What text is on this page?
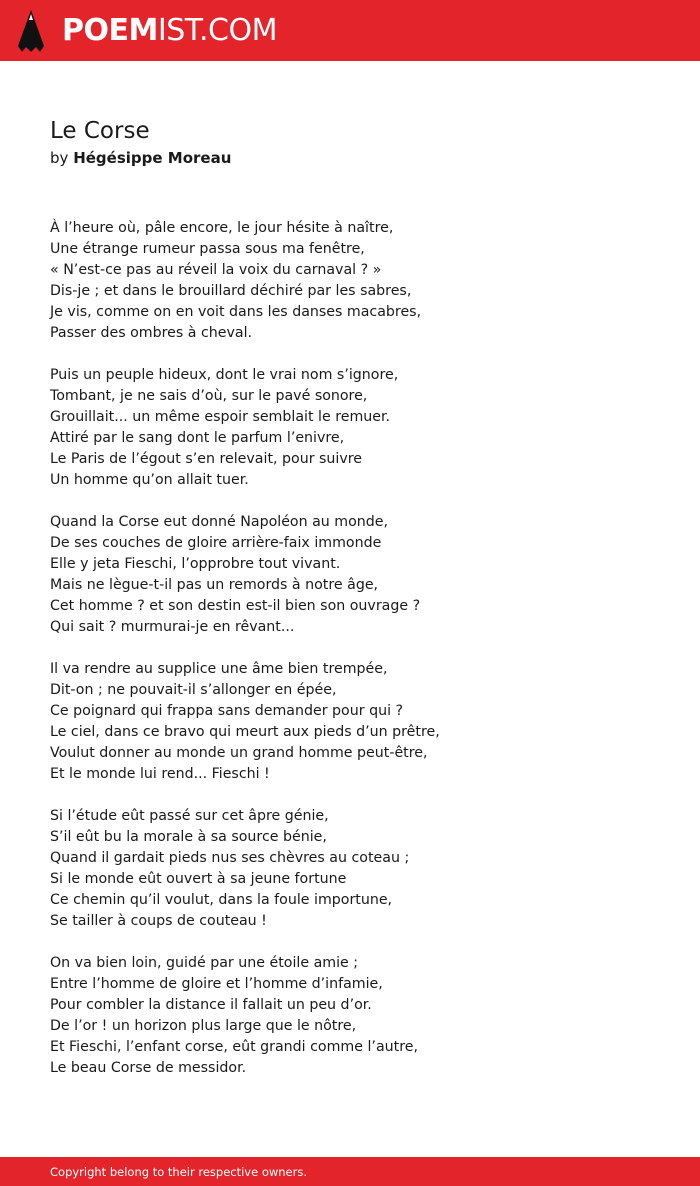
POEMIST.COM
Le Corse
by Hégésippe Moreau
À l’heure où, pâle encore, le jour hésite à naître,
Une étrange rumeur passa sous ma fenêtre,
« N’est-ce pas au réveil la voix du carnaval ? »
Dis-je ; et dans le brouillard déchiré par les sabres,
Je vis, comme on en voit dans les danses macabres,
Passer des ombres à cheval.
Puis un peuple hideux, dont le vrai nom s’ignore,
Tombant, je ne sais d’où, sur le pavé sonore,
Grouillait... un même espoir semblait le remuer.
Attiré par le sang dont le parfum l’enivre,
Le Paris de l’égout s’en relevait, pour suivre
Un homme qu’on allait tuer.
Quand la Corse eut donné Napoléon au monde,
De ses couches de gloire arrière-faix immonde
Elle y jeta Fieschi, l’opprobre tout vivant.
Mais ne lègue-t-il pas un remords à notre âge,
Cet homme ? et son destin est-il bien son ouvrage ?
Qui sait ? murmurai-je en rêvant...
Il va rendre au supplice une âme bien trempée,
Dit-on ; ne pouvait-il s’allonger en épée,
Ce poignard qui frappa sans demander pour qui ?
Le ciel, dans ce bravo qui meurt aux pieds d’un prêtre,
Voulut donner au monde un grand homme peut-être,
Et le monde lui rend... Fieschi !
Si l’étude eût passé sur cet âpre génie,
S’il eût bu la morale à sa source bénie,
Quand il gardait pieds nus ses chèvres au coteau ;
Si le monde eût ouvert à sa jeune fortune
Ce chemin qu’il voulut, dans la foule importune,
Se tailler à coups de couteau !
On va bien loin, guidé par une étoile amie ;
Entre l’homme de gloire et l’homme d’infamie,
Pour combler la distance il fallait un peu d’or.
De l’or ! un horizon plus large que le nôtre,
Et Fieschi, l’enfant corse, eût grandi comme l’autre,
Le beau Corse de messidor.
Copyright belong to their respective owners.
